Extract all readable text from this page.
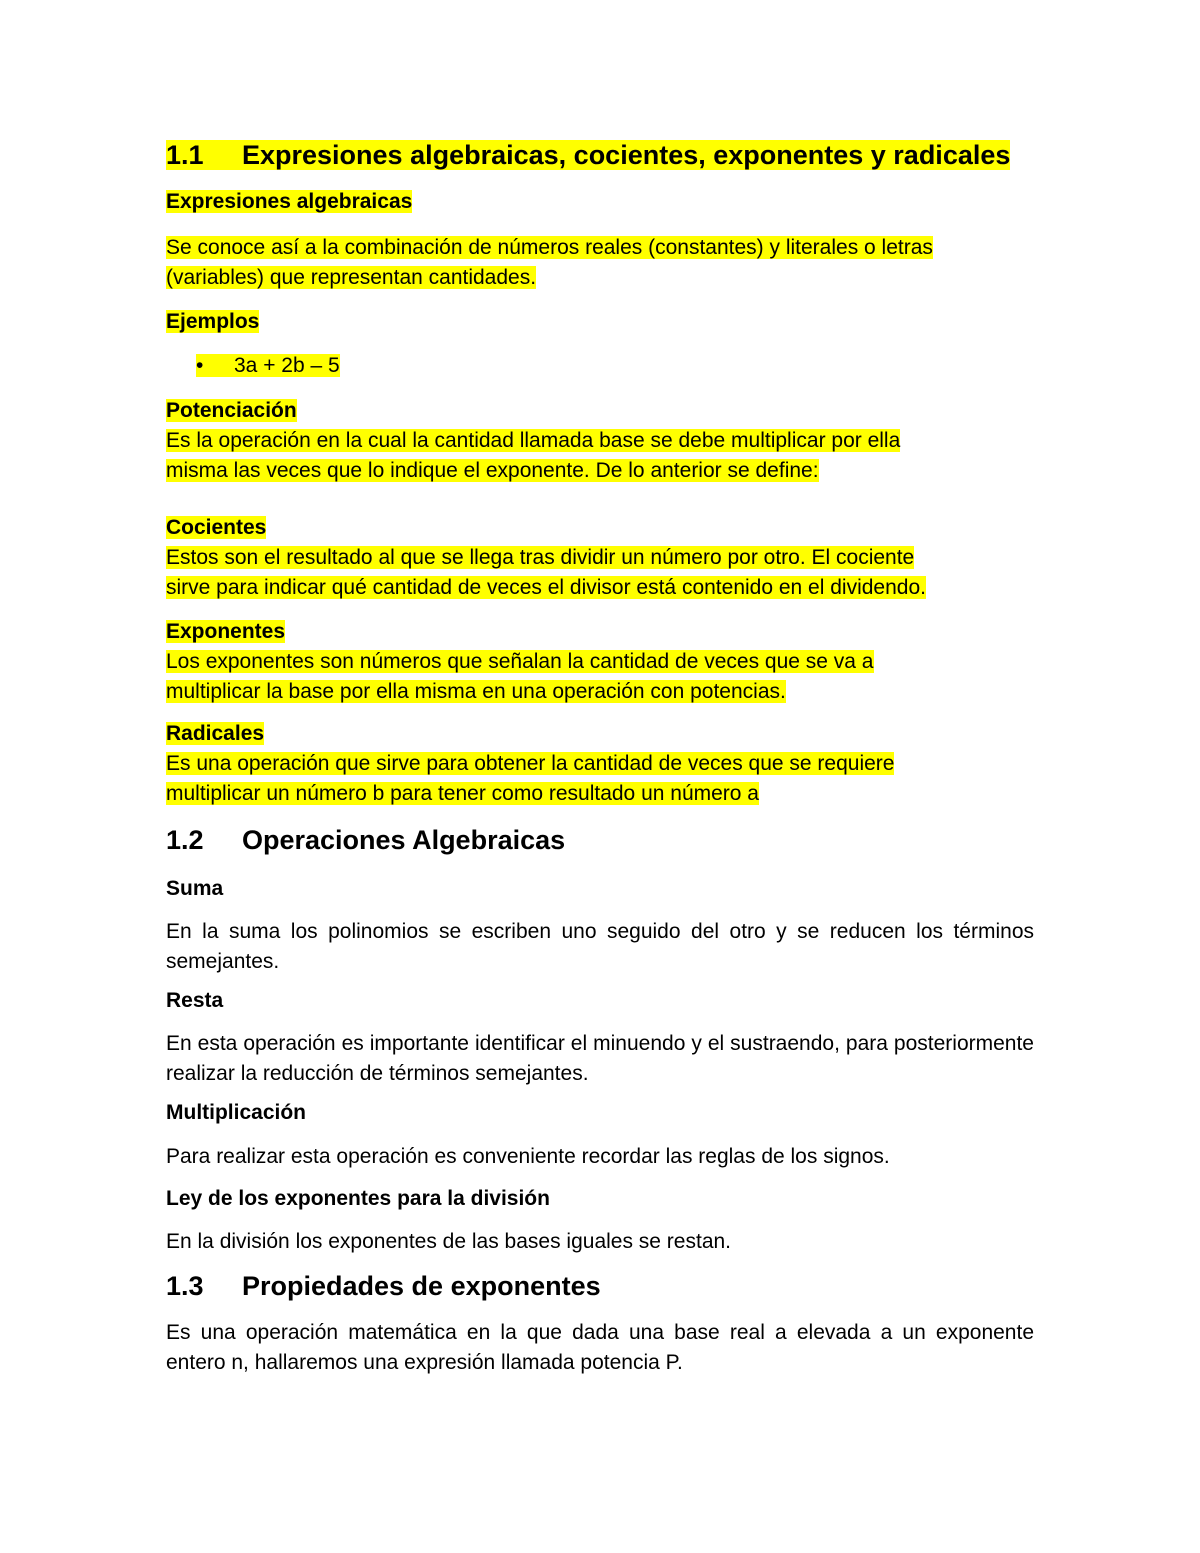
1.1 Expresiones algebraicas, cocientes, exponentes y radicales
Expresiones algebraicas
Se conoce así a la combinación de números reales (constantes) y literales o letras
(variables) que representan cantidades.
Ejemplos
• 3a + 2b – 5
Potenciación
Es la operación en la cual la cantidad llamada base se debe multiplicar por ella
misma las veces que lo indique el exponente. De lo anterior se define:
Cocientes
Estos son el resultado al que se llega tras dividir un número por otro. El cociente
sirve para indicar qué cantidad de veces el divisor está contenido en el dividendo.
Exponentes
Los exponentes son números que señalan la cantidad de veces que se va a
multiplicar la base por ella misma en una operación con potencias.
Radicales
Es una operación que sirve para obtener la cantidad de veces que se requiere
multiplicar un número b para tener como resultado un número a
1.2 Operaciones Algebraicas
Suma
En la suma los polinomios se escriben uno seguido del otro y se reducen los términos semejantes.
Resta
En esta operación es importante identificar el minuendo y el sustraendo, para posteriormente realizar la reducción de términos semejantes.
Multiplicación
Para realizar esta operación es conveniente recordar las reglas de los signos.
Ley de los exponentes para la división
En la división los exponentes de las bases iguales se restan.
1.3 Propiedades de exponentes
Es una operación matemática en la que dada una base real a elevada a un exponente entero n, hallaremos una expresión llamada potencia P.
